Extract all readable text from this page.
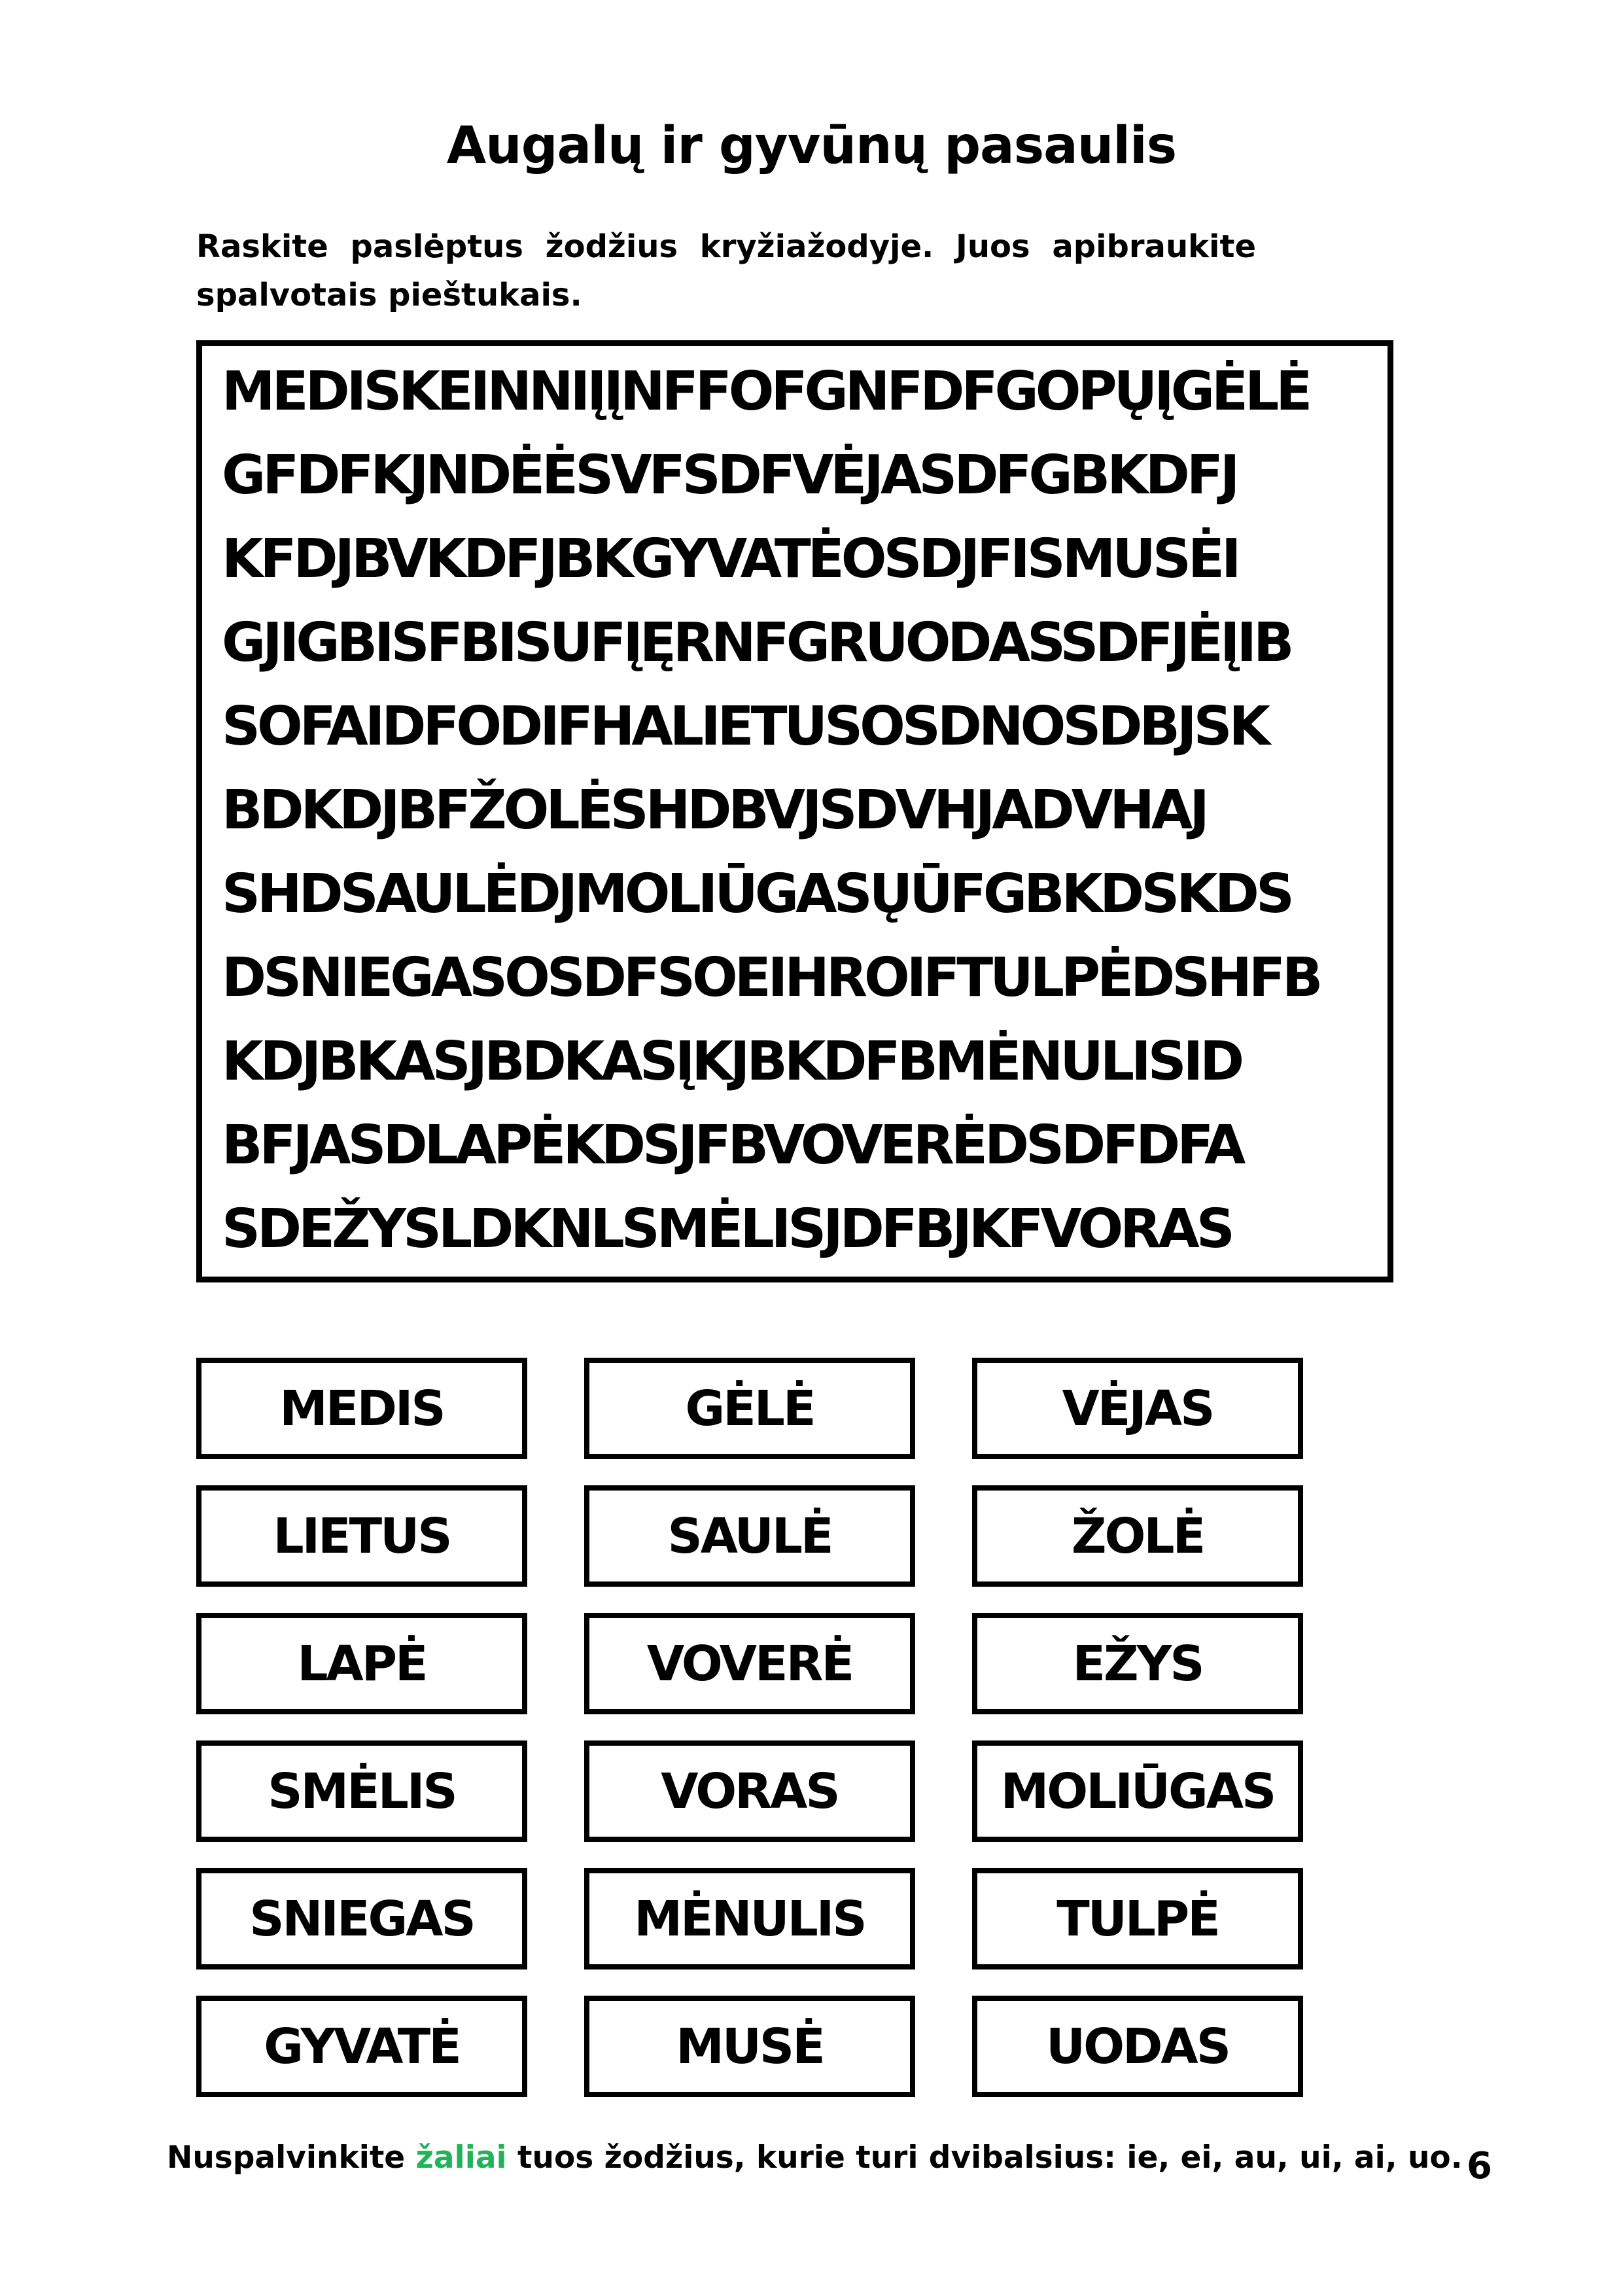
Augalų ir gyvūnų pasaulis
Raskite paslėptus žodžius kryžiažodyje. Juos apibraukite spalvotais pieštukais.
MEDISKEINNIĮĮNFFOFGNFDFGOPŲĮGĖLĖ
GFDFKJNDĖĖSVFSDFVĖJASDFGBKDFJ
KFDJBVKDFJBKGYVATĖOSDJFISMUSĖI
GJIGBISFBISUFĮĘRNFGRUODASSDFJĖĮIB
SOFAIDFODIFHALIETUSOSDNOSDBJSK
BDKDJBFŽOLĖSHDBVJSDVHJADVHAJ
SHDSAULĖDJMOLIŪGASŲŪFGBKDSKDS
DSNIEGASOSDFSOEIHROIFTULPĖDSHFB
KDJBKASJBDKASĮKJBKDFBMĖNULISID
BFJASDLAPĖKDSJFBVOVERĖDSDFDFA
SDEŽYSLDKNLSMĖLISJDFBJKFVORAS
MEDIS	GĖLĖ	VĖJAS
LIETUS	SAULĖ	ŽOLĖ
LAPĖ	VOVERĖ	EŽYS
SMĖLIS	VORAS	MOLIŪGAS
SNIEGAS	MĖNULIS	TULPĖ
GYVATĖ	MUSĖ	UODAS
Nuspalvinkite žaliai tuos žodžius, kurie turi dvibalsius: ie, ei, au, ui, ai, uo. 6
